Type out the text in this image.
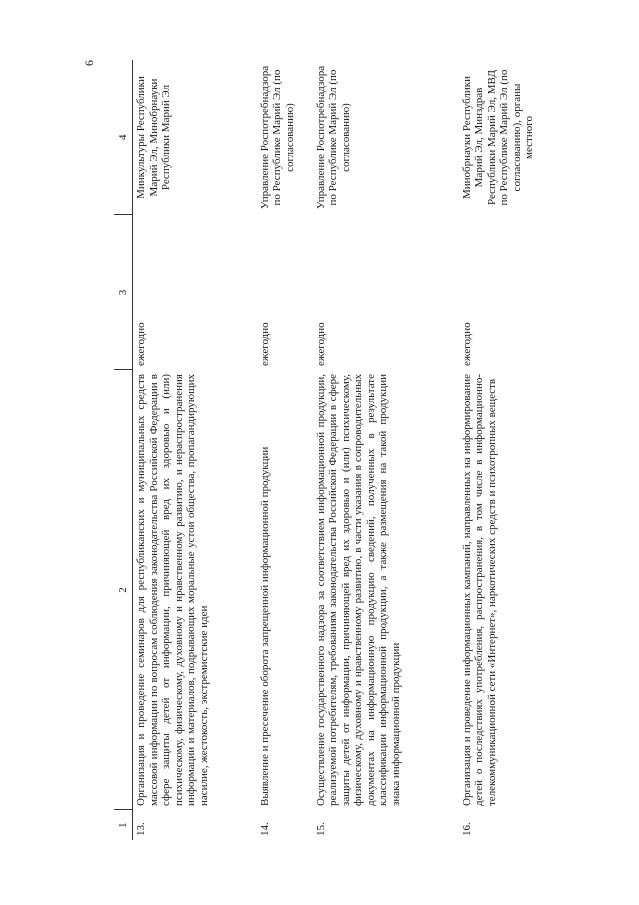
6
1	2	3	4
13.	Организация и проведение семинаров для республиканских и муниципальных средств массовой информации по вопросам соблюдения законодательства Российской Федерации в сфере защиты детей от информации, причиняющей вред их здоровью и (или) психическому, физическому, духовному и нравственному развитию, и нераспространения информации и материалов, подрывающих моральные устои общества, пропагандирующих насилие, жестокость, экстремистские идеи	ежегодно	Минкультуры Республики Марий Эл, Минобрнауки Республики Марий Эл
14.	Выявление и пресечение оборота запрещенной информационной продукции	ежегодно	Управление Роспотребнадзора по Республике Марий Эл (по согласованию)
15.	Осуществление государственного надзора за соответствием информационной продукции, реализуемой потребителям, требованиям законодательства Российской Федерации в сфере защиты детей от информации, причиняющей вред их здоровью и (или) психическому, физическому, духовному и нравственному развитию, в части указания в сопроводительных документах на информационную продукцию сведений, полученных в результате классификации информационной продукции, а также размещения на такой продукции знака информационной продукции	ежегодно	Управление Роспотребнадзора по Республике Марий Эл (по согласованию)
16.	Организация и проведение информационных кампаний, направленных на информирование детей о последствиях употребления, распространения, в том числе в информационно-телекоммуникационной сети «Интернет», наркотических средств и психотропных веществ	ежегодно	Минобрнауки Республики Марий Эл, Минздрав Республики Марий Эл, МВД по Республике Марий Эл (по согласованию), органы местного
